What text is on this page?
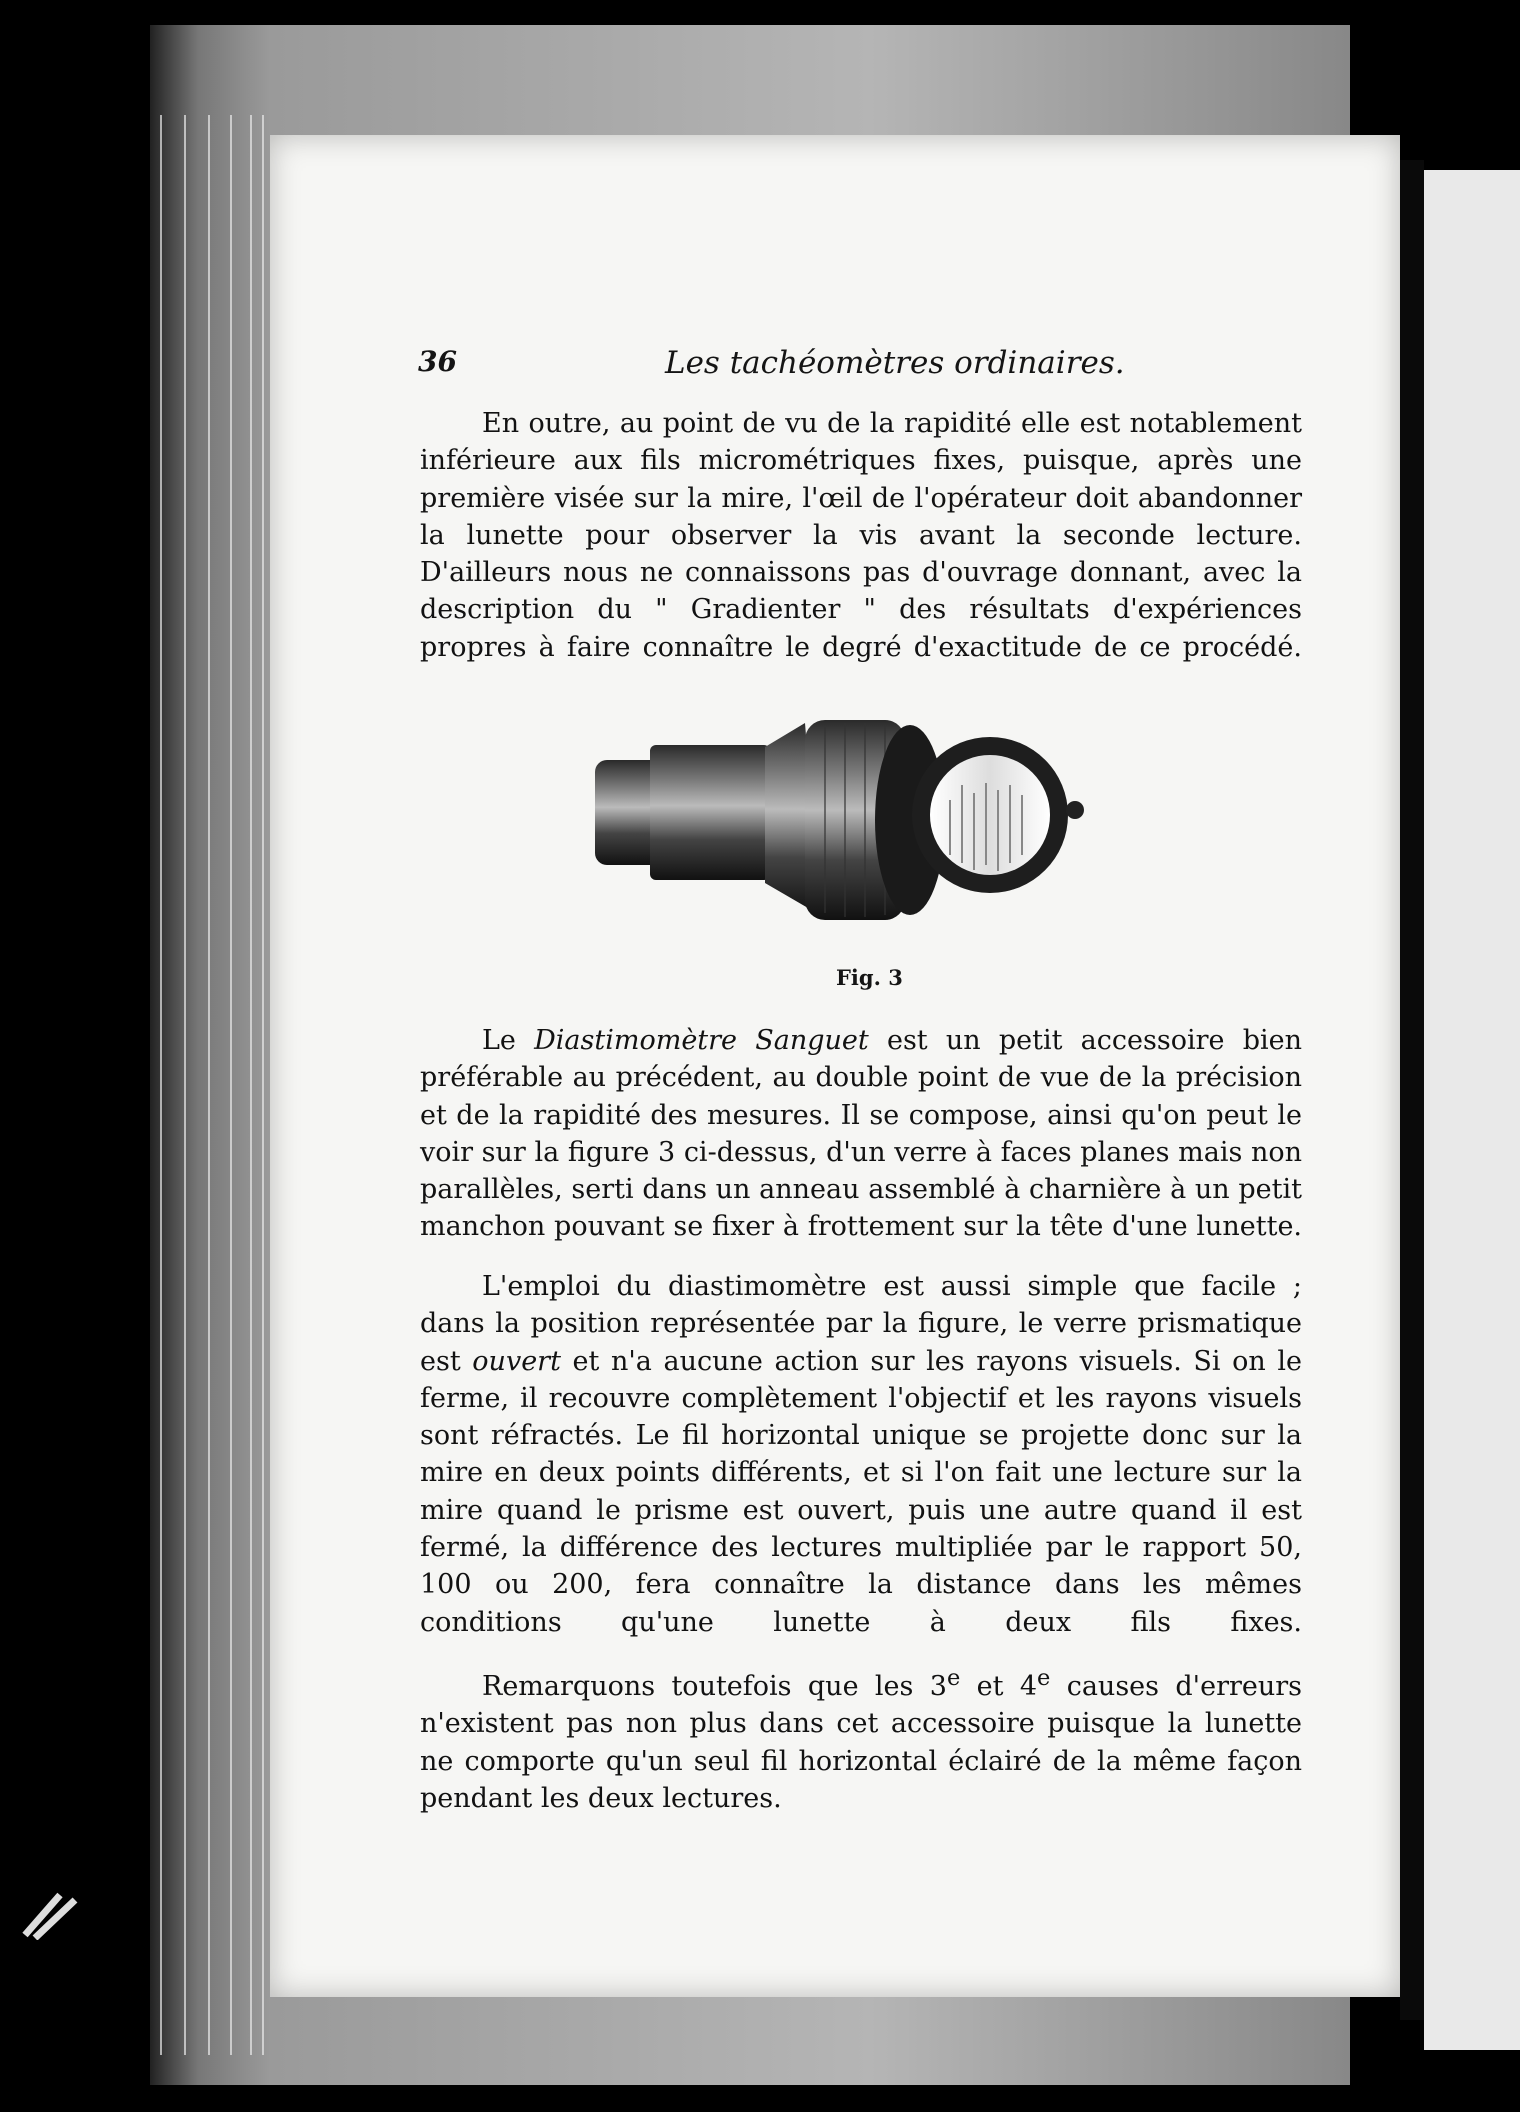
36	Les tachéomètres ordinaires.
En outre, au point de vu de la rapidité elle est notablement inférieure aux fils micrométriques fixes, puisque, après une première visée sur la mire, l'œil de l'opérateur doit abandonner la lunette pour observer la vis avant la seconde lecture. D'ailleurs nous ne connaissons pas d'ouvrage donnant, avec la description du " Gradienter " des résultats d'expériences propres à faire connaître le degré d'exactitude de ce procédé.
Fig. 3
Le Diastimomètre Sanguet est un petit accessoire bien préférable au précédent, au double point de vue de la précision et de la rapidité des mesures. Il se compose, ainsi qu'on peut le voir sur la figure 3 ci-dessus, d'un verre à faces planes mais non parallèles, serti dans un anneau assemblé à charnière à un petit manchon pouvant se fixer à frottement sur la tête d'une lunette.
L'emploi du diastimomètre est aussi simple que facile ; dans la position représentée par la figure, le verre prismatique est ouvert et n'a aucune action sur les rayons visuels. Si on le ferme, il recouvre complètement l'objectif et les rayons visuels sont réfractés. Le fil horizontal unique se projette donc sur la mire en deux points différents, et si l'on fait une lecture sur la mire quand le prisme est ouvert, puis une autre quand il est fermé, la différence des lectures multipliée par le rapport 50, 100 ou 200, fera connaître la distance dans les mêmes conditions qu'une lunette à deux fils fixes.
Remarquons toutefois que les 3e et 4e causes d'erreurs n'existent pas non plus dans cet accessoire puisque la lunette ne comporte qu'un seul fil horizontal éclairé de la même façon pendant les deux lectures.
